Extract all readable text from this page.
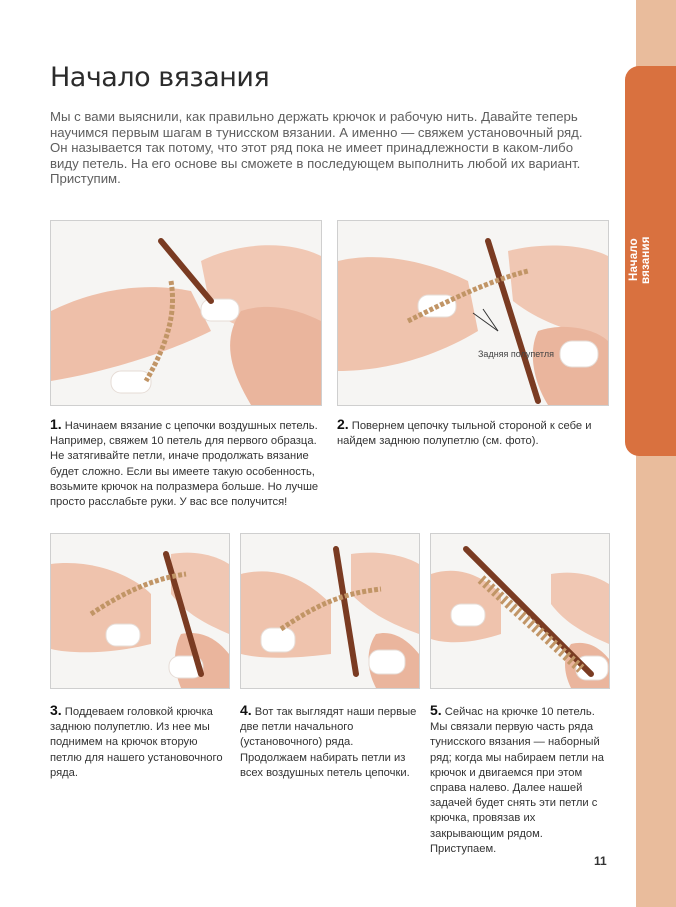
Начало вязания
Начало вязания
Мы с вами выяснили, как правильно держать крючок и рабочую нить. Давайте теперь научимся первым шагам в тунисском вязании. А именно — свяжем установочный ряд. Он называется так потому, что этот ряд пока не имеет принадлежности в каком-либо виду петель. На его основе вы сможете в последующем выполнить любой их вариант. Приступим.
Задняя полупетля
1. Начинаем вязание с цепочки воздушных петель. Например, свяжем 10 петель для первого образца. Не затягивайте петли, иначе продолжать вязание будет сложно. Если вы имеете такую особенность, возьмите крючок на полразмера больше. Но лучше просто расслабьте руки. У вас все получится!
2. Повернем цепочку тыльной стороной к себе и найдем заднюю полупетлю (см. фото).
3. Поддеваем головкой крючка заднюю полупетлю. Из нее мы поднимем на крючок вторую петлю для нашего установочного ряда.
4. Вот так выглядят наши первые две петли начального (установочного) ряда. Продолжаем набирать петли из всех воздушных петель цепочки.
5. Сейчас на крючке 10 петель. Мы связали первую часть ряда тунисского вязания — наборный ряд; когда мы набираем петли на крючок и двигаемся при этом справа налево. Далее нашей задачей будет снять эти петли с крючка, провязав их закрывающим рядом. Приступаем.
11
